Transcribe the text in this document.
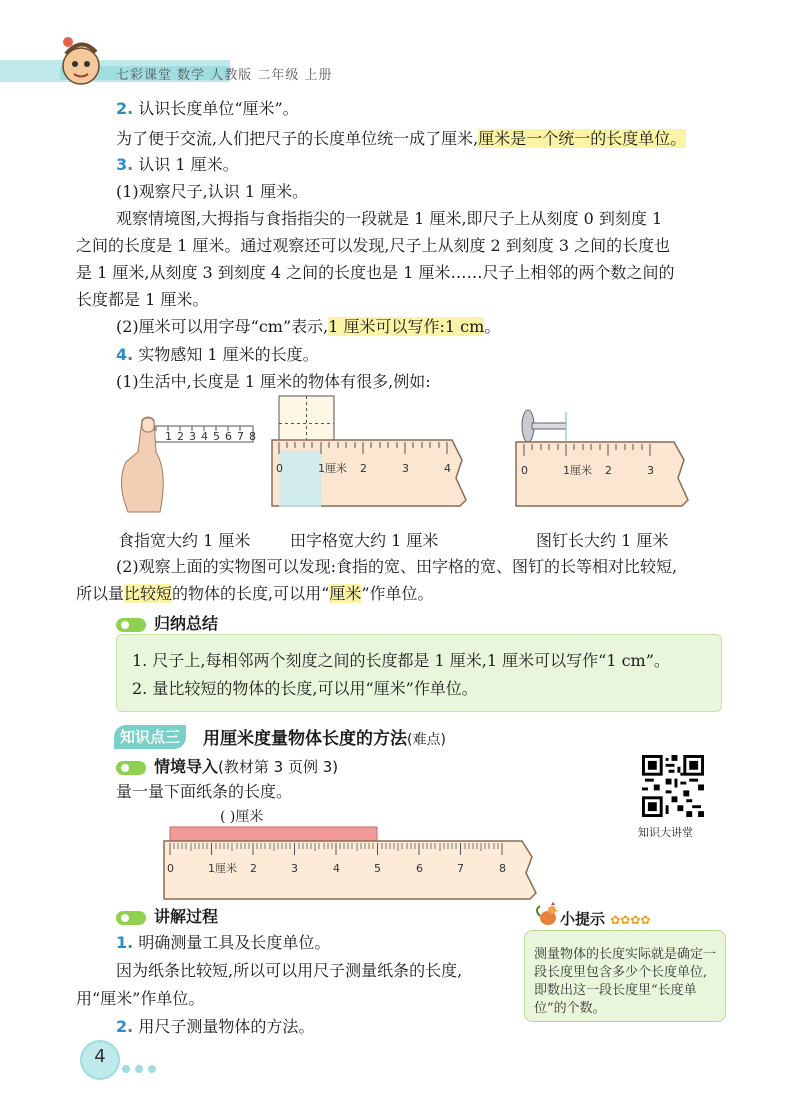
七彩课堂 数学 人教版 二年级 上册
2. 认识长度单位“厘米”。
为了便于交流,人们把尺子的长度单位统一成了厘米,厘米是一个统一的长度单位。
3. 认识 1 厘米。
(1)观察尺子,认识 1 厘米。
观察情境图,大拇指与食指指尖的一段就是 1 厘米,即尺子上从刻度 0 到刻度 1
之间的长度是 1 厘米。通过观察还可以发现,尺子上从刻度 2 到刻度 3 之间的长度也
是 1 厘米,从刻度 3 到刻度 4 之间的长度也是 1 厘米……尺子上相邻的两个数之间的
长度都是 1 厘米。
(2)厘米可以用字母“cm”表示,1 厘米可以写作:1 cm。
4. 实物感知 1 厘米的长度。
(1)生活中,长度是 1 厘米的物体有很多,例如:
1 2 3 4 5 6 7 8
0	1厘米 2	3	4	0	1厘米 2	3
食指宽大约 1 厘米 田字格宽大约 1 厘米	图钉长大约 1 厘米
(2)观察上面的实物图可以发现:食指的宽、田字格的宽、图钉的长等相对比较短,
所以量比较短的物体的长度,可以用“厘米”作单位。
归纳总结
1. 尺子上,每相邻两个刻度之间的长度都是 1 厘米,1 厘米可以写作“1 cm”。
2. 量比较短的物体的长度,可以用“厘米”作单位。
知识点三	用厘米度量物体长度的方法(难点)
情境导入(教材第 3 页例 3)
量一量下面纸条的长度。
知识大讲堂
( )厘米
0	1厘米 2	3	4	5	6	7	8
讲解过程
1. 明确测量工具及长度单位。
因为纸条比较短,所以可以用尺子测量纸条的长度,
用“厘米”作单位。
2. 用尺子测量物体的方法。
小提示 ✿✿✿✿
测量物体的长度实际就是确定一段长度里包含多少个长度单位,即数出这一段长度里“长度单位”的个数。
4
